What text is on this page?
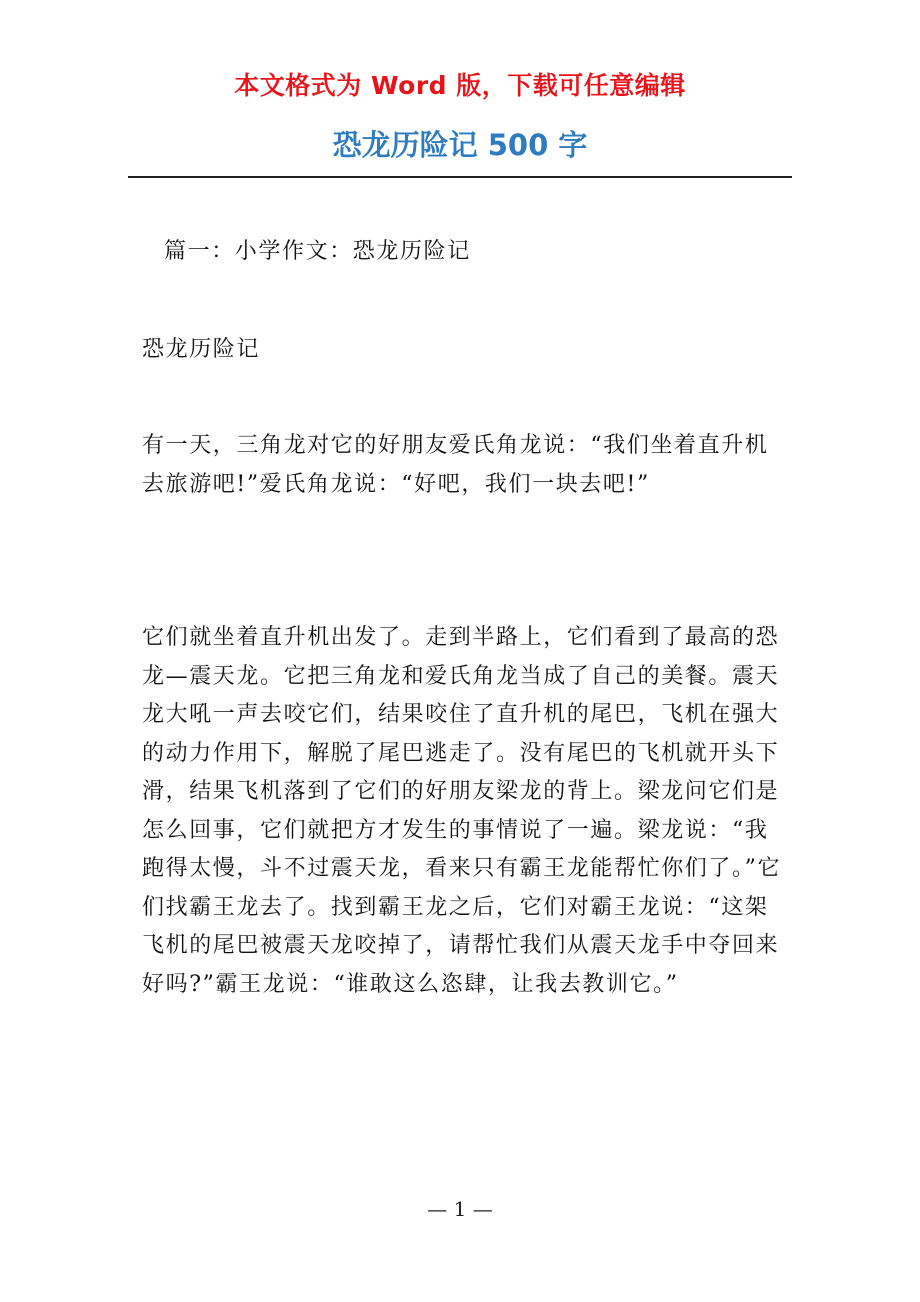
本文格式为 Word 版，下载可任意编辑
恐龙历险记 500 字

篇一：小学作文：恐龙历险记

恐龙历险记

有一天，三角龙对它的好朋友爱氏角龙说：“我们坐着直升机去旅游吧!”爱氏角龙说：“好吧，我们一块去吧!”

它们就坐着直升机出发了。走到半路上，它们看到了最高的恐龙—震天龙。它把三角龙和爱氏角龙当成了自己的美餐。震天龙大吼一声去咬它们，结果咬住了直升机的尾巴，飞机在强大的动力作用下，解脱了尾巴逃走了。没有尾巴的飞机就开头下滑，结果飞机落到了它们的好朋友梁龙的背上。梁龙问它们是怎么回事，它们就把方才发生的事情说了一遍。梁龙说：“我跑得太慢，斗不过震天龙，看来只有霸王龙能帮忙你们了。”它们找霸王龙去了。找到霸王龙之后，它们对霸王龙说：“这架飞机的尾巴被震天龙咬掉了，请帮忙我们从震天龙手中夺回来好吗?”霸王龙说：“谁敢这么恣肆，让我去教训它。”

— 1 —
